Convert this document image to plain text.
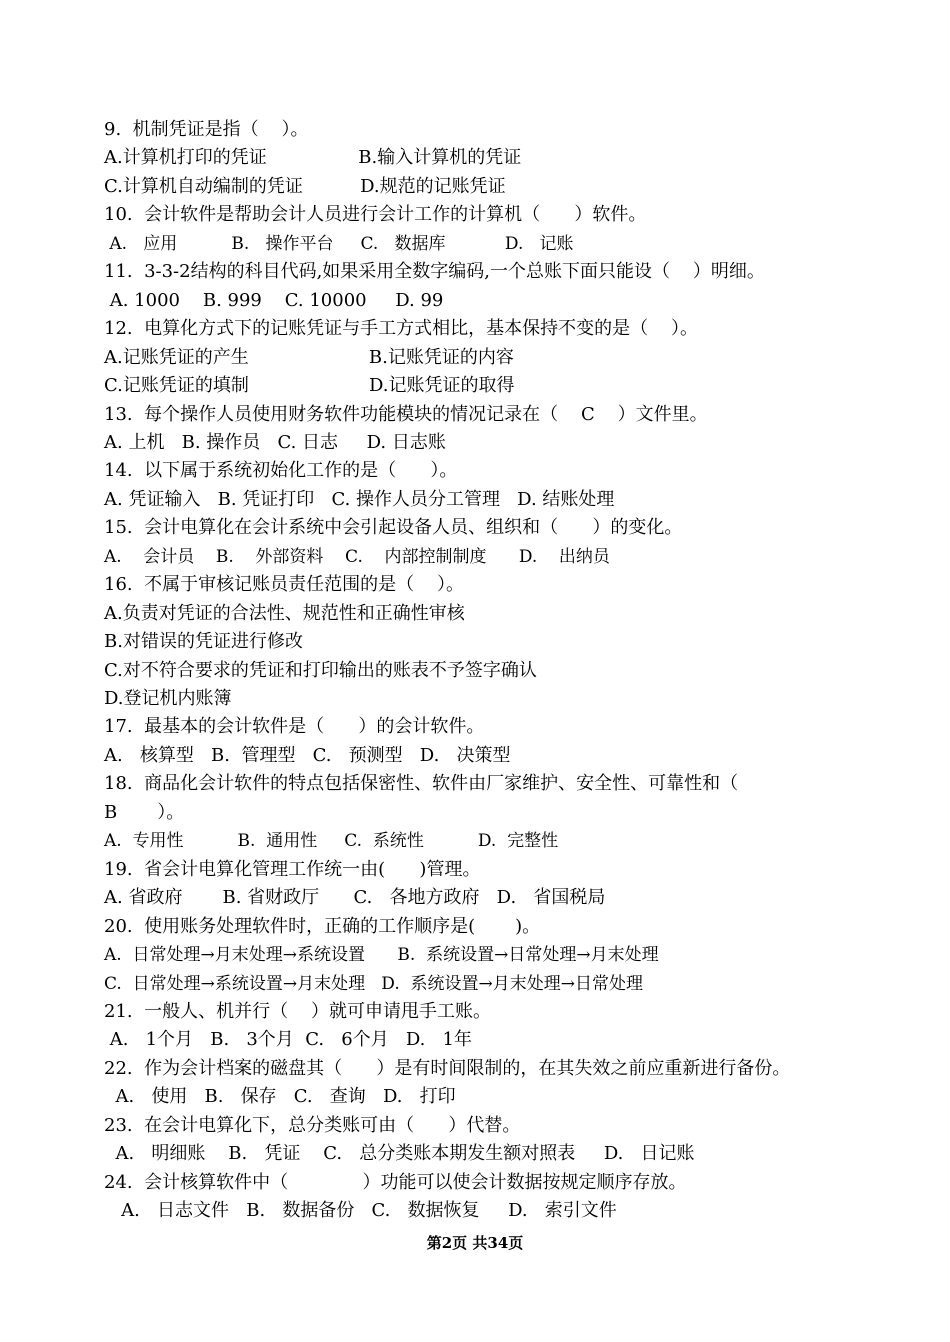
9.  机制凭证是指（    ）。
A.计算机打印的凭证                B.输入计算机的凭证
C.计算机自动编制的凭证          D.规范的记账凭证
10.  会计软件是帮助会计人员进行会计工作的计算机（      ）软件。
A.   应用          B.   操作平台     C.   数据库           D.   记账
11.  3-3-2结构的科目代码,如果采用全数字编码,一个总账下面只能设（    ）明细。
A. 1000    B. 999    C. 10000     D. 99
12.  电算化方式下的记账凭证与手工方式相比，基本保持不变的是（    ）。
A.记账凭证的产生                     B.记账凭证的内容
C.记账凭证的填制                     D.记账凭证的取得
13.  每个操作人员使用财务软件功能模块的情况记录在（    C    ）文件里。
A. 上机   B. 操作员   C. 日志     D. 日志账
14.  以下属于系统初始化工作的是（      ）。
A. 凭证输入   B. 凭证打印   C. 操作人员分工管理   D. 结账处理
15.  会计电算化在会计系统中会引起设备人员、组织和（      ）的变化。
A.    会计员    B.    外部资料    C.    内部控制制度      D.    出纳员
16.  不属于审核记账员责任范围的是（    ）。
A.负责对凭证的合法性、规范性和正确性审核
B.对错误的凭证进行修改
C.对不符合要求的凭证和打印输出的账表不予签字确认
D.登记机内账簿
17.  最基本的会计软件是（      ）的会计软件。
A.   核算型   B.  管理型   C.   预测型   D.   决策型
18.  商品化会计软件的特点包括保密性、软件由厂家维护、安全性、可靠性和（
B       ）。
A.  专用性          B.  通用性     C.  系统性          D.  完整性
19.  省会计电算化管理工作统一由(      )管理。
A. 省政府       B. 省财政厅      C.   各地方政府   D.   省国税局
20.  使用账务处理软件时，正确的工作顺序是(       )。
A.  日常处理→月末处理→系统设置      B.  系统设置→日常处理→月末处理
C.  日常处理→系统设置→月末处理   D.  系统设置→月末处理→日常处理
21.  一般人、机并行（    ）就可申请甩手工账。
A.   1个月   B.   3个月  C.   6个月   D.   1年
22.  作为会计档案的磁盘其（      ）是有时间限制的，在其失效之前应重新进行备份。
A.   使用   B.   保存   C.   查询   D.   打印
23.  在会计电算化下，总分类账可由（      ）代替。
A.   明细账    B.   凭证    C.   总分类账本期发生额对照表     D.   日记账
24.  会计核算软件中（             ）功能可以使会计数据按规定顺序存放。
A.   日志文件   B.   数据备份   C.   数据恢复     D.   索引文件
第2页 共34页
